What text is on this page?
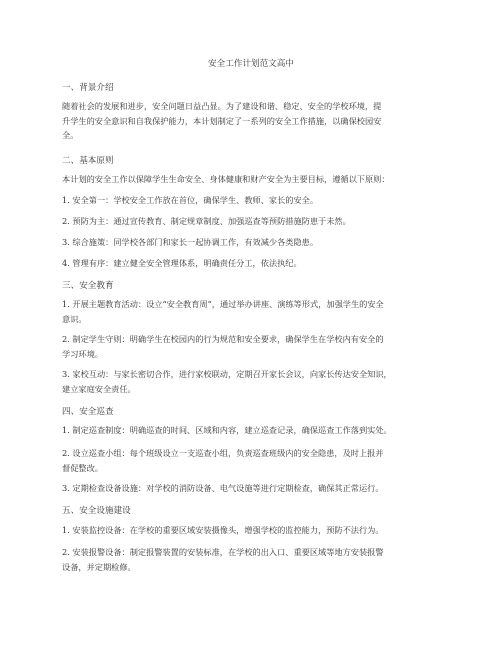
安全工作计划范文高中
一、背景介绍
随着社会的发展和进步，安全问题日益凸显。为了建设和谐、稳定、安全的学校环境，提
升学生的安全意识和自我保护能力，本计划制定了一系列的安全工作措施，以确保校园安
全。
二、基本原则
本计划的安全工作以保障学生生命安全、身体健康和财产安全为主要目标，遵循以下原则：
1. 安全第一：学校安全工作放在首位，确保学生、教师、家长的安全。
2. 预防为主：通过宣传教育、制定规章制度、加强巡查等预防措施防患于未然。
3. 综合施策：同学校各部门和家长一起协调工作，有效减少各类隐患。
4. 管理有序：建立健全安全管理体系，明确责任分工，依法执纪。
三、安全教育
1. 开展主题教育活动：设立“安全教育周”，通过举办讲座、演练等形式，加强学生的安全
意识。
2. 制定学生守则：明确学生在校园内的行为规范和安全要求，确保学生在学校内有安全的
学习环境。
3. 家校互动：与家长密切合作，进行家校联动，定期召开家长会议，向家长传达安全知识，
建立家庭安全责任。
四、安全巡查
1. 制定巡查制度：明确巡查的时间、区域和内容，建立巡查记录，确保巡查工作落到实处。
2. 设立巡查小组：每个班级设立一支巡查小组，负责巡查班级内的安全隐患，及时上报并
督促整改。
3. 定期检查设备设施：对学校的消防设备、电气设施等进行定期检查，确保其正常运行。
五、安全设施建设
1. 安装监控设备：在学校的重要区域安装摄像头，增强学校的监控能力，预防不法行为。
2. 安装报警设备：制定报警装置的安装标准，在学校的出入口、重要区域等地方安装报警
设备，并定期检修。
